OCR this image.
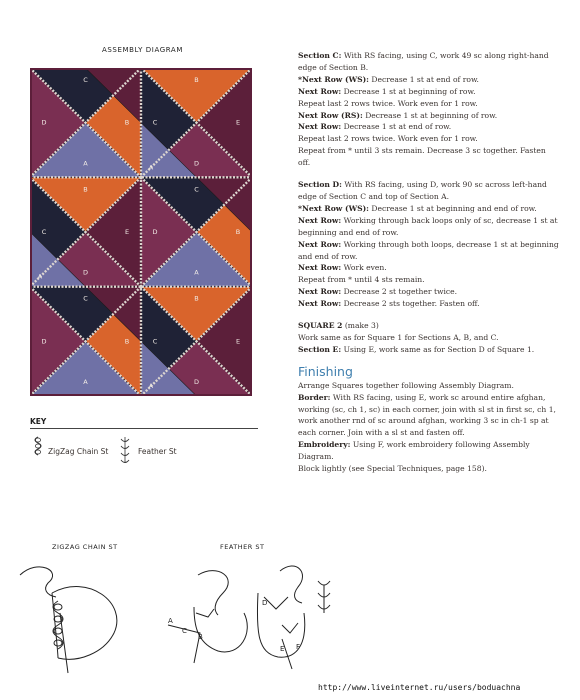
ASSEMBLY DIAGRAM
C
D	B
A
B
E
C
D
A
B
E
C
D
A
C
D	B
A
C
D	B
A
B
E
C
D
A
KEY
ZigZag Chain St	Feather St

Section C: With RS facing, using C, work 49 sc along right-hand edge of Section B.

*Next Row (WS): Decrease 1 st at end of row.

Next Row: Decrease 1 st at beginning of row.

Repeat last 2 rows twice. Work even for 1 row.

Next Row (RS): Decrease 1 st at beginning of row.

Next Row: Decrease 1 st at end of row.

Repeat last 2 rows twice. Work even for 1 row.

Repeat from * until 3 sts remain. Decrease 3 sc together. Fasten off.

Section D: With RS facing, using D, work 90 sc across left-hand edge of Section C and top of Section A.

*Next Row (WS): Decrease 1 st at beginning and end of row.

Next Row: Working through back loops only of sc, decrease 1 st at beginning and end of row.

Next Row: Working through both loops, decrease 1 st at beginning and end of row.

Next Row: Work even.

Repeat from * until 4 sts remain.

Next Row: Decrease 2 st together twice.

Next Row: Decrease 2 sts together. Fasten off.

SQUARE 2 (make 3)

Work same as for Square 1 for Sections A, B, and C.

Section E: Using E, work same as for Section D of Square 1.

Finishing

Arrange Squares together following Assembly Diagram.

Border: With RS facing, using E, work sc around entire afghan, working (sc, ch 1, sc) in each corner, join with sl st in first sc, ch 1, work another rnd of sc around afghan, working 3 sc in ch-1 sp at each corner. Join with a sl st and fasten off.

Embroidery: Using F, work embroidery following Assembly Diagram.

Block lightly (see Special Techniques, page 158).

ZIGZAG CHAIN ST	FEATHER ST
A
B
C
D
E F
http://www.liveinternet.ru/users/boduachna
